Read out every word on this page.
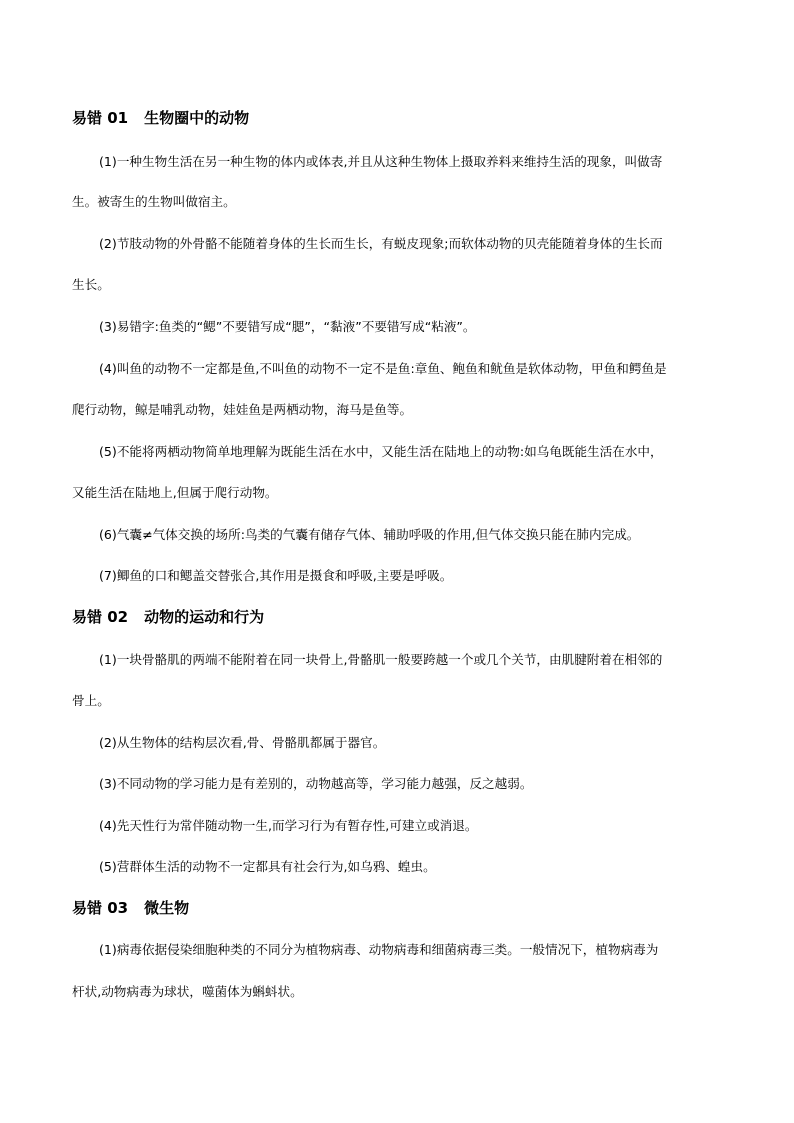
易错 01 生物圈中的动物
(1)一种生物生活在另一种生物的体内或体表,并且从这种生物体上摄取养料来维持生活的现象，叫做寄
生。被寄生的生物叫做宿主。
(2)节肢动物的外骨骼不能随着身体的生长而生长，有蜕皮现象;而软体动物的贝壳能随着身体的生长而
生长。
(3)易错字:鱼类的“鳃”不要错写成“腮”，“黏液”不要错写成“粘液”。
(4)叫鱼的动物不一定都是鱼,不叫鱼的动物不一定不是鱼:章鱼、鲍鱼和鱿鱼是软体动物，甲鱼和鳄鱼是
爬行动物，鲸是哺乳动物，娃娃鱼是两栖动物，海马是鱼等。
(5)不能将两栖动物简单地理解为既能生活在水中，又能生活在陆地上的动物:如乌龟既能生活在水中，
又能生活在陆地上,但属于爬行动物。
(6)气囊≠气体交换的场所:鸟类的气囊有储存气体、辅助呼吸的作用,但气体交换只能在肺内完成。
(7)鲫鱼的口和鳃盖交替张合,其作用是摄食和呼吸,主要是呼吸。
易错 02 动物的运动和行为
(1)一块骨骼肌的两端不能附着在同一块骨上,骨骼肌一般要跨越一个或几个关节，由肌腱附着在相邻的
骨上。
(2)从生物体的结构层次看,骨、骨骼肌都属于器官。
(3)不同动物的学习能力是有差别的，动物越高等，学习能力越强，反之越弱。
(4)先天性行为常伴随动物一生,而学习行为有暂存性,可建立或消退。
(5)营群体生活的动物不一定都具有社会行为,如乌鸦、蝗虫。
易错 03 微生物
(1)病毒依据侵染细胞种类的不同分为植物病毒、动物病毒和细菌病毒三类。一般情况下，植物病毒为
杆状,动物病毒为球状，噬菌体为蝌蚪状。
